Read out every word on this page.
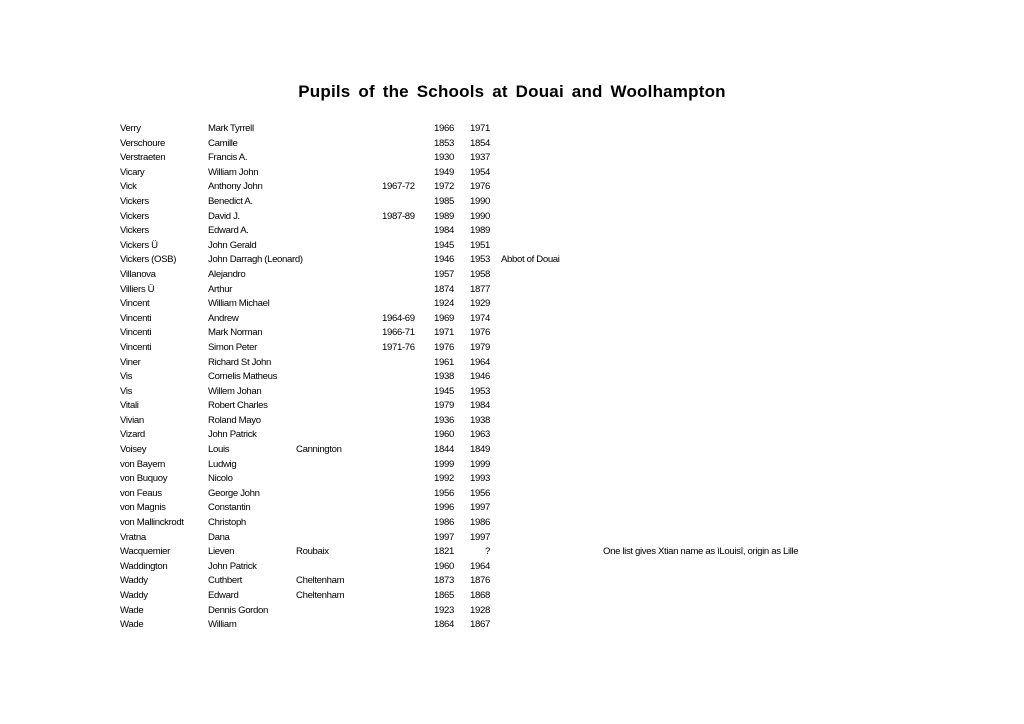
Pupils of the Schools at Douai and Woolhampton
Verry	Mark Tyrrell	1966	1971
Verschoure	Camille	1853	1854
Verstraeten	Francis A.	1930	1937
Vicary	William John	1949	1954
Vick	Anthony John	1967-72	1972	1976
Vickers	Benedict A.	1985	1990
Vickers	David J.	1987-89	1989	1990
Vickers	Edward A.	1984	1989
Vickers Ü	John Gerald	1945	1951
Vickers (OSB)	John Darragh (Leonard)	1946	1953 Abbot of Douai
Villanova	Alejandro	1957	1958
Villiers Ü	Arthur	1874	1877
Vincent	William Michael	1924	1929
Vincenti	Andrew	1964-69	1969	1974
Vincenti	Mark Norman	1966-71	1971	1976
Vincenti	Simon Peter	1971-76	1976	1979
Viner	Richard St John	1961	1964
Vis	Cornelis Matheus	1938	1946
Vis	Willem Johan	1945	1953
Vitali	Robert Charles	1979	1984
Vivian	Roland Mayo	1936	1938
Vizard	John Patrick	1960	1963
Voisey	Louis	Cannington	1844	1849
von Bayern	Ludwig	1999	1999
von Buquoy	Nicolo	1992	1993
von Feaus	George John	1956	1956
von Magnis	Constantin	1996	1997
von Mallinckrodt	Christoph	1986	1986
Vratna	Dana	1997	1997
Wacquemier	Lieven	Roubaix	1821	?	One list gives Xtian name as ìLouisî, origin as Lille
Waddington	John Patrick	1960	1964
Waddy	Cuthbert	Cheltenham	1873	1876
Waddy	Edward	Cheltenham	1865	1868
Wade	Dennis Gordon	1923	1928
Wade	William	1864	1867
